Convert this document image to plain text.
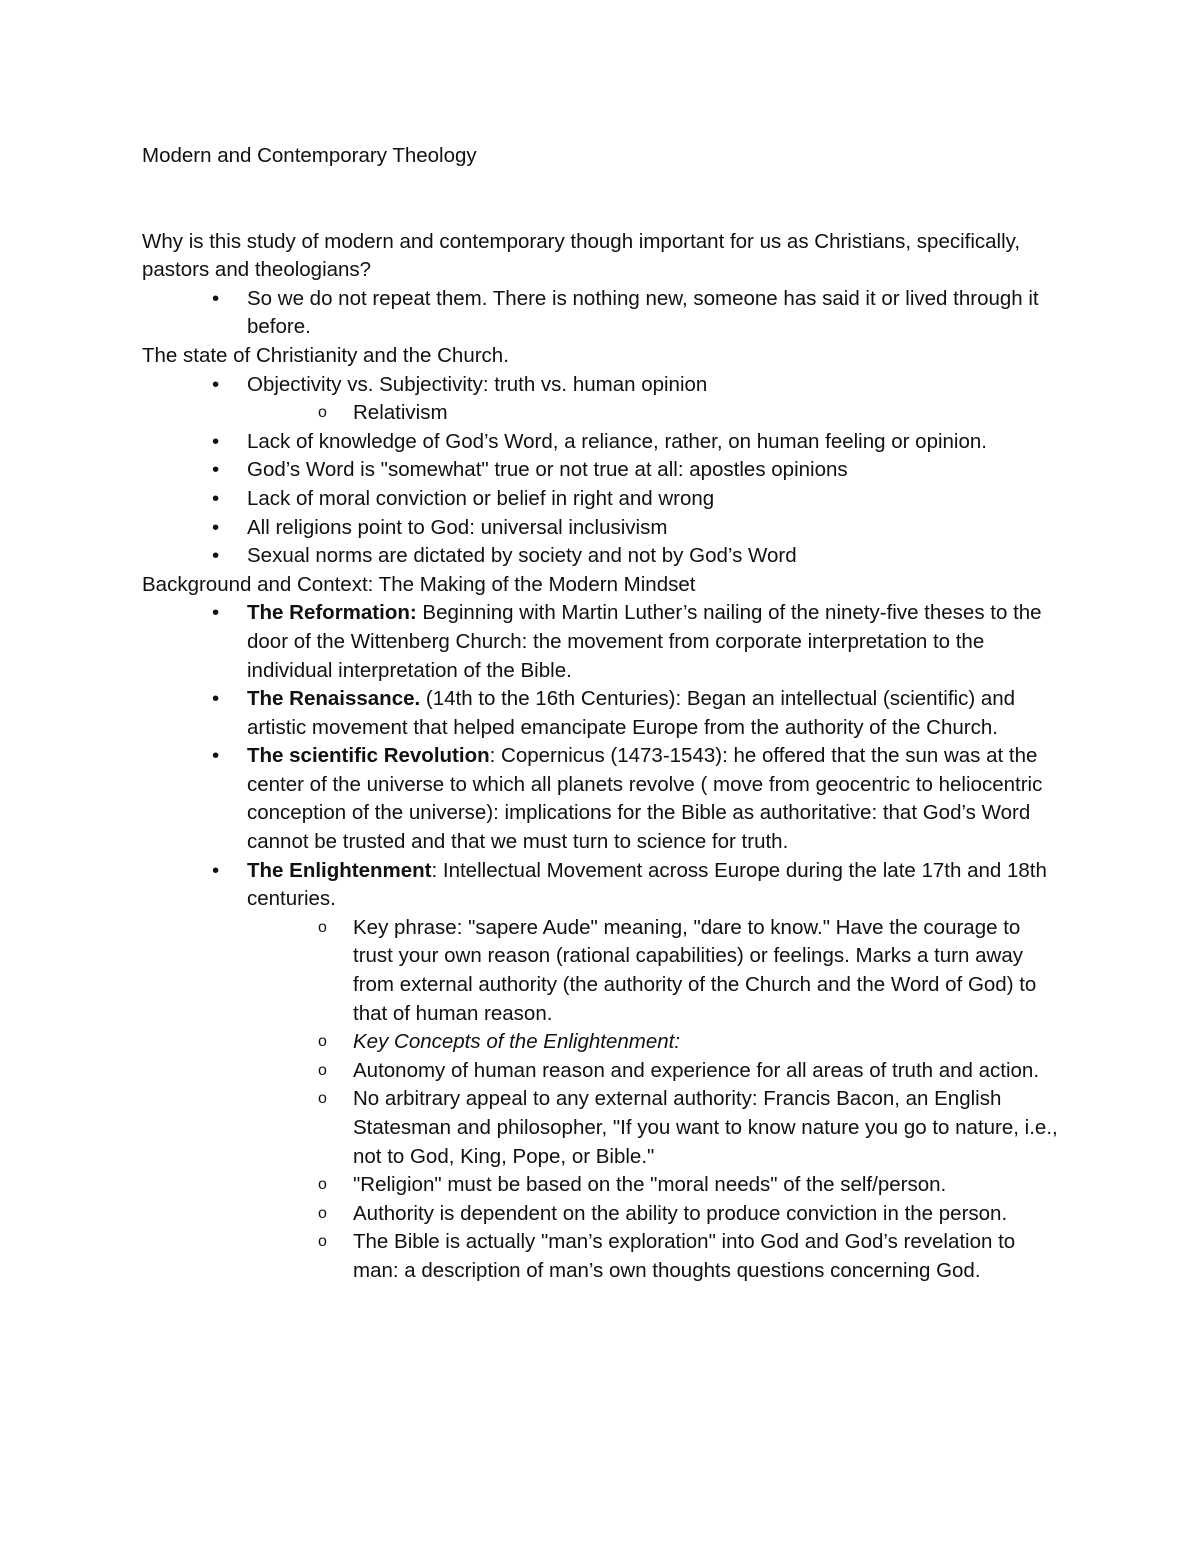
Modern and Contemporary Theology

Why is this study of modern and contemporary though important for us as Christians, specifically, pastors and theologians?

• So we do not repeat them. There is nothing new, someone has said it or lived through it before.

The state of Christianity and the Church.

• Objectivity vs. Subjectivity: truth vs. human opinion
o Relativism
• Lack of knowledge of God’s Word, a reliance, rather, on human feeling or opinion.
• God’s Word is "somewhat" true or not true at all: apostles opinions
• Lack of moral conviction or belief in right and wrong
• All religions point to God: universal inclusivism
• Sexual norms are dictated by society and not by God’s Word

Background and Context: The Making of the Modern Mindset

• The Reformation: Beginning with Martin Luther’s nailing of the ninety-five theses to the door of the Wittenberg Church: the movement from corporate interpretation to the individual interpretation of the Bible.
• The Renaissance. (14th to the 16th Centuries): Began an intellectual (scientific) and artistic movement that helped emancipate Europe from the authority of the Church.
• The scientific Revolution: Copernicus (1473-1543): he offered that the sun was at the center of the universe to which all planets revolve ( move from geocentric to heliocentric conception of the universe): implications for the Bible as authoritative: that God’s Word cannot be trusted and that we must turn to science for truth.
• The Enlightenment: Intellectual Movement across Europe during the late 17th and 18th centuries.
o Key phrase: "sapere Aude" meaning, "dare to know." Have the courage to trust your own reason (rational capabilities) or feelings. Marks a turn away from external authority (the authority of the Church and the Word of God) to that of human reason.
o Key Concepts of the Enlightenment:
o Autonomy of human reason and experience for all areas of truth and action.
o No arbitrary appeal to any external authority: Francis Bacon, an English Statesman and philosopher, "If you want to know nature you go to nature, i.e., not to God, King, Pope, or Bible."
o "Religion" must be based on the "moral needs" of the self/person.
o Authority is dependent on the ability to produce conviction in the person.
o The Bible is actually "man’s exploration" into God and God’s revelation to man: a description of man’s own thoughts questions concerning God.
